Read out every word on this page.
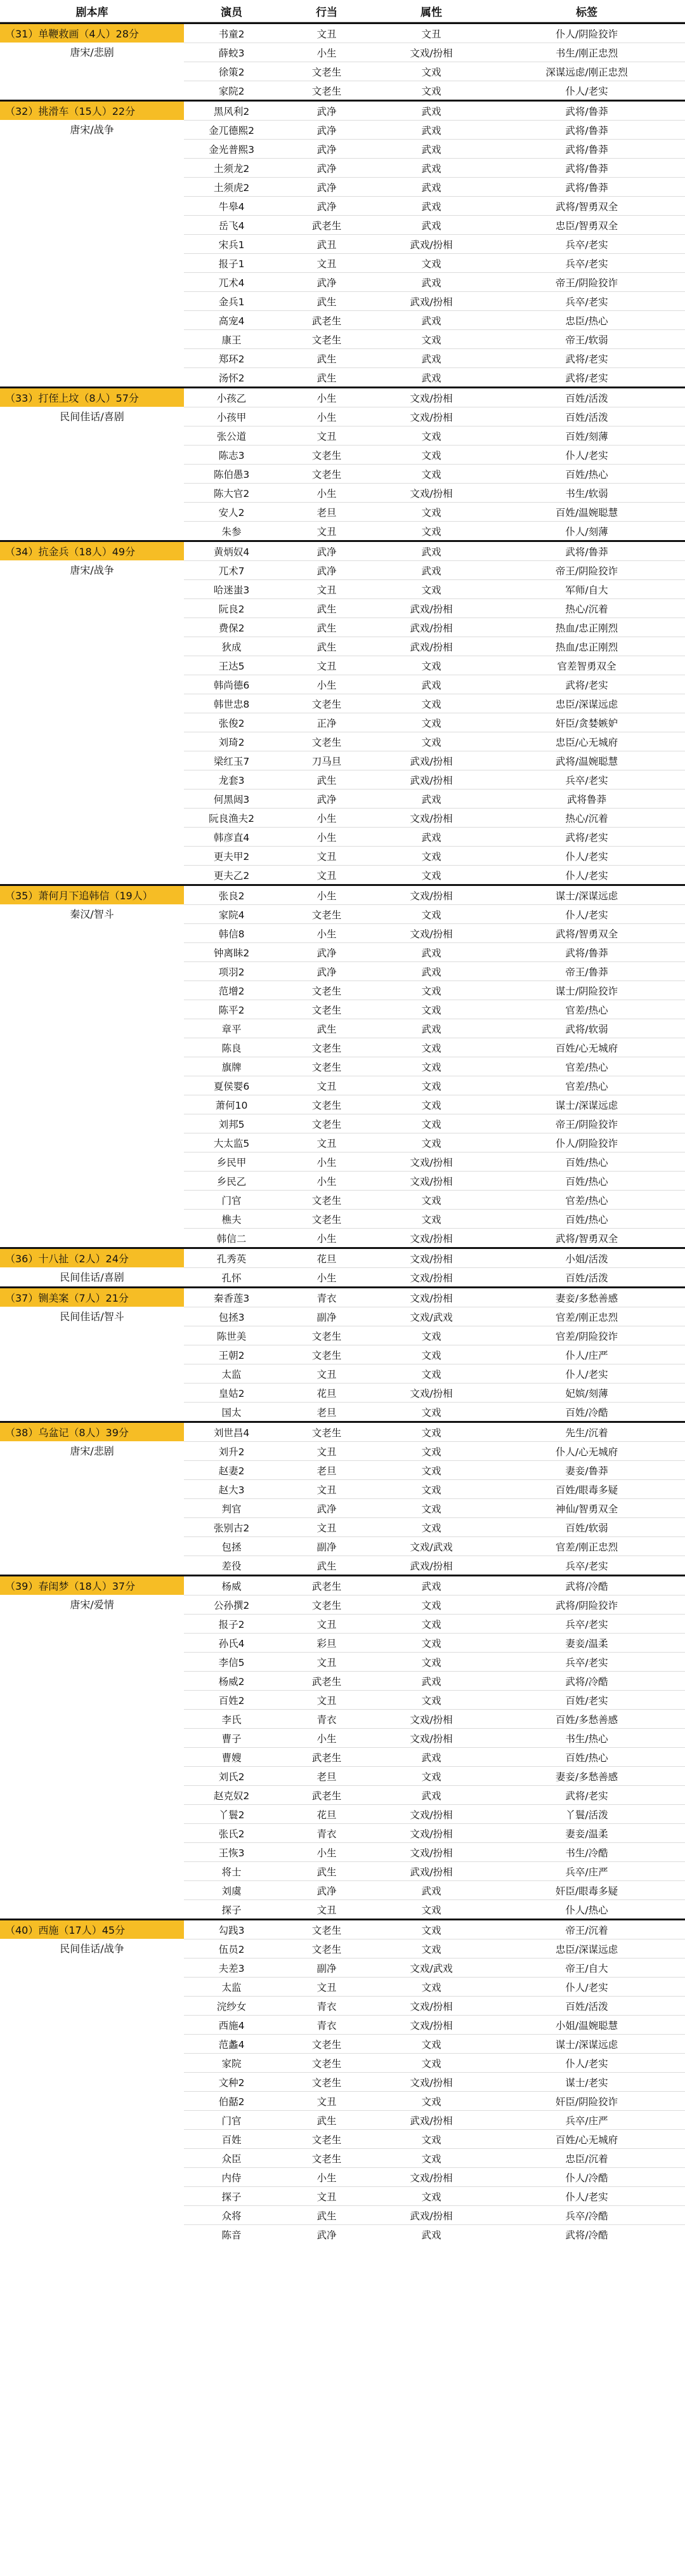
剧本库	演员	行当	属性	标签
（31）单鞭救画（4人）28分
唐宋/悲剧
书童2	文丑	文丑	仆人/阴险狡诈
薛蛟3	小生	文戏/扮相	书生/刚正忠烈
徐策2	文老生	文戏	深谋远虑/刚正忠烈
家院2	文老生	文戏	仆人/老实
（32）挑滑车（15人）22分
唐宋/战争
黑风利2	武净	武戏	武将/鲁莽
金兀德熙2	武净	武戏	武将/鲁莽
金光普熙3	武净	武戏	武将/鲁莽
土须龙2	武净	武戏	武将/鲁莽
土须虎2	武净	武戏	武将/鲁莽
牛皋4	武净	武戏	武将/智勇双全
岳飞4	武老生	武戏	忠臣/智勇双全
宋兵1	武丑	武戏/扮相	兵卒/老实
报子1	文丑	文戏	兵卒/老实
兀术4	武净	武戏	帝王/阴险狡诈
金兵1	武生	武戏/扮相	兵卒/老实
高宠4	武老生	武戏	忠臣/热心
康王	文老生	文戏	帝王/软弱
郑环2	武生	武戏	武将/老实
汤怀2	武生	武戏	武将/老实
（33）打侄上坟（8人）57分
民间佳话/喜剧
小孩乙	小生	文戏/扮相	百姓/活泼
小孩甲	小生	文戏/扮相	百姓/活泼
张公道	文丑	文戏	百姓/刻薄
陈志3	文老生	文戏	仆人/老实
陈伯愚3	文老生	文戏	百姓/热心
陈大官2	小生	文戏/扮相	书生/软弱
安人2	老旦	文戏	百姓/温婉聪慧
朱参	文丑	文戏	仆人/刻薄
（34）抗金兵（18人）49分
唐宋/战争
黄炳奴4	武净	武戏	武将/鲁莽
兀术7	武净	武戏	帝王/阴险狡诈
哈迷蚩3	文丑	文戏	军师/自大
阮良2	武生	武戏/扮相	热心/沉着
费保2	武生	武戏/扮相	热血/忠正刚烈
狄成	武生	武戏/扮相	热血/忠正刚烈
王达5	文丑	文戏	官差智勇双全
韩尚德6	小生	武戏	武将/老实
韩世忠8	文老生	文戏	忠臣/深谋远虑
张俊2	正净	文戏	奸臣/贪婪嫉妒
刘琦2	文老生	文戏	忠臣/心无城府
梁红玉7	刀马旦	武戏/扮相	武将/温婉聪慧
龙套3	武生	武戏/扮相	兵卒/老实
何黑闼3	武净	武戏	武将鲁莽
阮良渔夫2	小生	文戏/扮相	热心/沉着
韩彦直4	小生	武戏	武将/老实
更夫甲2	文丑	文戏	仆人/老实
更夫乙2	文丑	文戏	仆人/老实
（35）萧何月下追韩信（19人）
秦汉/智斗
张良2	小生	文戏/扮相	谋士/深谋远虑
家院4	文老生	文戏	仆人/老实
韩信8	小生	文戏/扮相	武将/智勇双全
钟离眛2	武净	武戏	武将/鲁莽
项羽2	武净	武戏	帝王/鲁莽
范增2	文老生	文戏	谋士/阴险狡诈
陈平2	文老生	文戏	官差/热心
章平	武生	武戏	武将/软弱
陈良	文老生	文戏	百姓/心无城府
旗牌	文老生	文戏	官差/热心
夏侯婴6	文丑	文戏	官差/热心
萧何10	文老生	文戏	谋士/深谋远虑
刘邦5	文老生	文戏	帝王/阴险狡诈
大太监5	文丑	文戏	仆人/阴险狡诈
乡民甲	小生	文戏/扮相	百姓/热心
乡民乙	小生	文戏/扮相	百姓/热心
门官	文老生	文戏	官差/热心
樵夫	文老生	文戏	百姓/热心
韩信二	小生	文戏/扮相	武将/智勇双全
（36）十八扯（2人）24分
民间佳话/喜剧
孔秀英	花旦	文戏/扮相	小姐/活泼
孔怀	小生	文戏/扮相	百姓/活泼
（37）铡美案（7人）21分
民间佳话/智斗
秦香莲3	青衣	文戏/扮相	妻妾/多愁善感
包拯3	副净	文戏/武戏	官差/刚正忠烈
陈世美	文老生	文戏	官差/阴险狡诈
王朝2	文老生	文戏	仆人/庄严
太监	文丑	文戏	仆人/老实
皇姑2	花旦	文戏/扮相	妃嫔/刻薄
国太	老旦	文戏	百姓/冷酷
（38）乌盆记（8人）39分
唐宋/悲剧
刘世昌4	文老生	文戏	先生/沉着
刘升2	文丑	文戏	仆人/心无城府
赵妻2	老旦	文戏	妻妾/鲁莽
赵大3	文丑	文戏	百姓/眼毒多疑
判官	武净	文戏	神仙/智勇双全
张别古2	文丑	文戏	百姓/软弱
包拯	副净	文戏/武戏	官差/刚正忠烈
差役	武生	武戏/扮相	兵卒/老实
（39）春闺梦（18人）37分
唐宋/爱情
杨威	武老生	武戏	武将/冷酷
公孙撰2	文老生	文戏	武将/阴险狡诈
报子2	文丑	文戏	兵卒/老实
孙氏4	彩旦	文戏	妻妾/温柔
李信5	文丑	文戏	兵卒/老实
杨威2	武老生	武戏	武将/冷酷
百姓2	文丑	文戏	百姓/老实
李氏	青衣	文戏/扮相	百姓/多愁善感
曹子	小生	文戏/扮相	书生/热心
曹嫂	武老生	武戏	百姓/热心
刘氏2	老旦	文戏	妻妾/多愁善感
赵克奴2	武老生	武戏	武将/老实
丫鬟2	花旦	文戏/扮相	丫鬟/活泼
张氏2	青衣	文戏/扮相	妻妾/温柔
王恢3	小生	文戏/扮相	书生/冷酷
将士	武生	武戏/扮相	兵卒/庄严
刘虞	武净	武戏	奸臣/眼毒多疑
探子	文丑	文戏	仆人/热心
（40）西施（17人）45分
民间佳话/战争
勾践3	文老生	文戏	帝王/沉着
伍员2	文老生	文戏	忠臣/深谋远虑
夫差3	副净	文戏/武戏	帝王/自大
太监	文丑	文戏	仆人/老实
浣纱女	青衣	文戏/扮相	百姓/活泼
西施4	青衣	文戏/扮相	小姐/温婉聪慧
范蠡4	文老生	文戏	谋士/深谋远虑
家院	文老生	文戏	仆人/老实
文种2	文老生	文戏/扮相	谋士/老实
伯嚭2	文丑	文戏	奸臣/阴险狡诈
门官	武生	武戏/扮相	兵卒/庄严
百姓	文老生	文戏	百姓/心无城府
众臣	文老生	文戏	忠臣/沉着
内侍	小生	文戏/扮相	仆人/冷酷
探子	文丑	文戏	仆人/老实
众将	武生	武戏/扮相	兵卒/冷酷
陈音	武净	武戏	武将/冷酷
